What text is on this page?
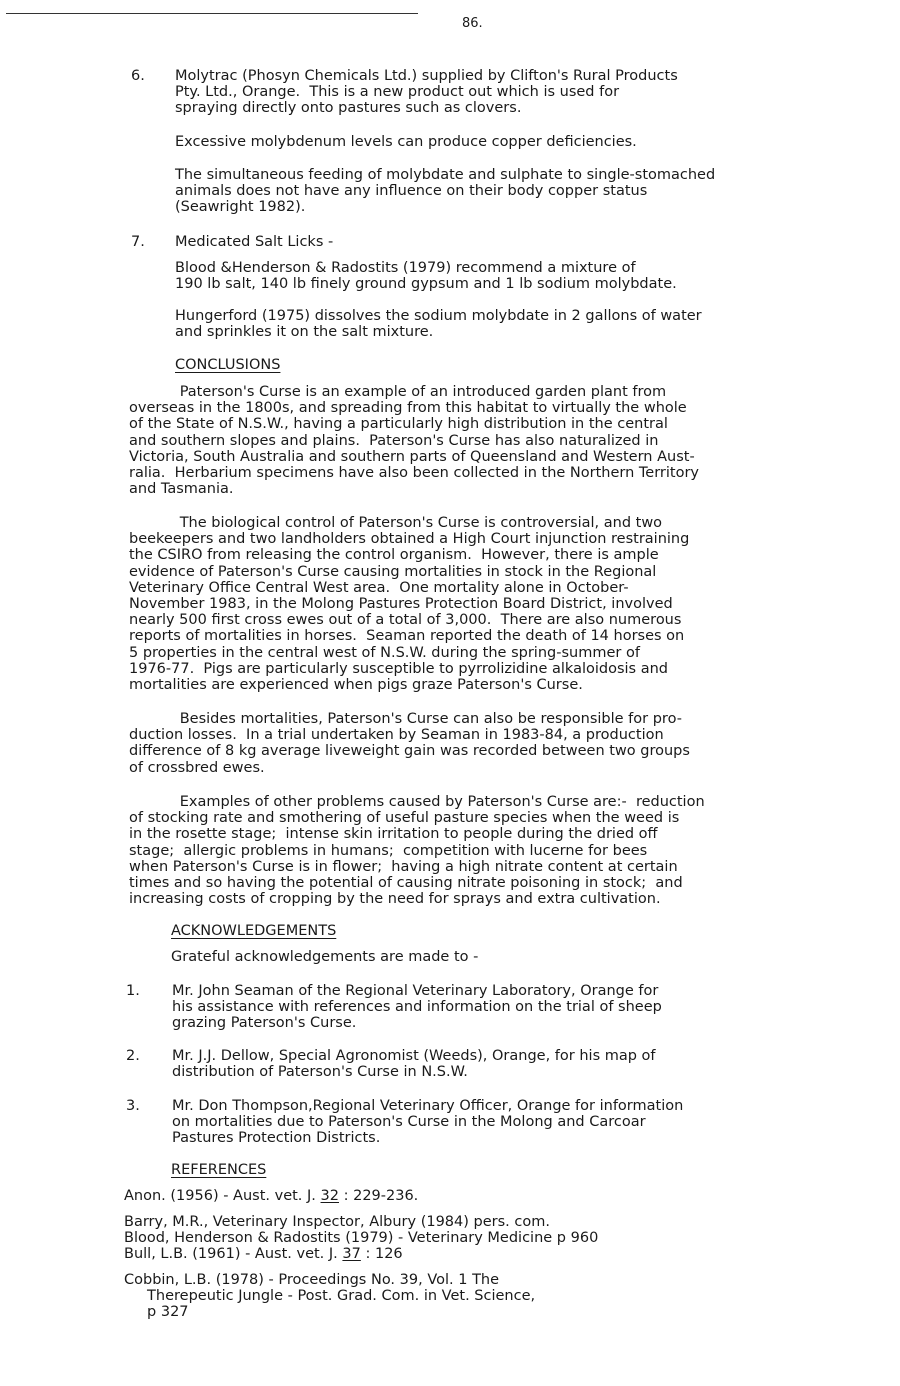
86.

6. Molytrac (Phosyn Chemicals Ltd.) supplied by Clifton's Rural Products
Pty. Ltd., Orange.  This is a new product out which is used for
spraying directly onto pastures such as clovers.

Excessive molybdenum levels can produce copper deficiencies.

The simultaneous feeding of molybdate and sulphate to single-stomached
animals does not have any influence on their body copper status
(Seawright 1982).

7. Medicated Salt Licks -

Blood &Henderson & Radostits (1979) recommend a mixture of
190 lb salt, 140 lb finely ground gypsum and 1 lb sodium molybdate.

Hungerford (1975) dissolves the sodium molybdate in 2 gallons of water
and sprinkles it on the salt mixture.

CONCLUSIONS

Paterson's Curse is an example of an introduced garden plant from
overseas in the 1800s, and spreading from this habitat to virtually the whole
of the State of N.S.W., having a particularly high distribution in the central
and southern slopes and plains.  Paterson's Curse has also naturalized in
Victoria, South Australia and southern parts of Queensland and Western Aust-
ralia.  Herbarium specimens have also been collected in the Northern Territory
and Tasmania.

The biological control of Paterson's Curse is controversial, and two
beekeepers and two landholders obtained a High Court injunction restraining
the CSIRO from releasing the control organism.  However, there is ample
evidence of Paterson's Curse causing mortalities in stock in the Regional
Veterinary Office Central West area.  One mortality alone in October-
November 1983, in the Molong Pastures Protection Board District, involved
nearly 500 first cross ewes out of a total of 3,000.  There are also numerous
reports of mortalities in horses.  Seaman reported the death of 14 horses on
5 properties in the central west of N.S.W. during the spring-summer of
1976-77.  Pigs are particularly susceptible to pyrrolizidine alkaloidosis and
mortalities are experienced when pigs graze Paterson's Curse.

Besides mortalities, Paterson's Curse can also be responsible for pro-
duction losses.  In a trial undertaken by Seaman in 1983-84, a production
difference of 8 kg average liveweight gain was recorded between two groups
of crossbred ewes.

Examples of other problems caused by Paterson's Curse are:-  reduction
of stocking rate and smothering of useful pasture species when the weed is
in the rosette stage;  intense skin irritation to people during the dried off
stage;  allergic problems in humans;  competition with lucerne for bees
when Paterson's Curse is in flower;  having a high nitrate content at certain
times and so having the potential of causing nitrate poisoning in stock;  and
increasing costs of cropping by the need for sprays and extra cultivation.

ACKNOWLEDGEMENTS

Grateful acknowledgements are made to -

1. Mr. John Seaman of the Regional Veterinary Laboratory, Orange for
his assistance with references and information on the trial of sheep
grazing Paterson's Curse.

2. Mr. J.J. Dellow, Special Agronomist (Weeds), Orange, for his map of
distribution of Paterson's Curse in N.S.W.

3. Mr. Don Thompson,Regional Veterinary Officer, Orange for information
on mortalities due to Paterson's Curse in the Molong and Carcoar
Pastures Protection Districts.

REFERENCES

Anon. (1956) - Aust. vet. J. 32 : 229-236.

Barry, M.R., Veterinary Inspector, Albury (1984) pers. com.

Blood, Henderson & Radostits (1979) - Veterinary Medicine p 960

Bull, L.B. (1961) - Aust. vet. J. 37 : 126

Cobbin, L.B. (1978) - Proceedings No. 39, Vol. 1 The
Therepeutic Jungle - Post. Grad. Com. in Vet. Science,
p 327
